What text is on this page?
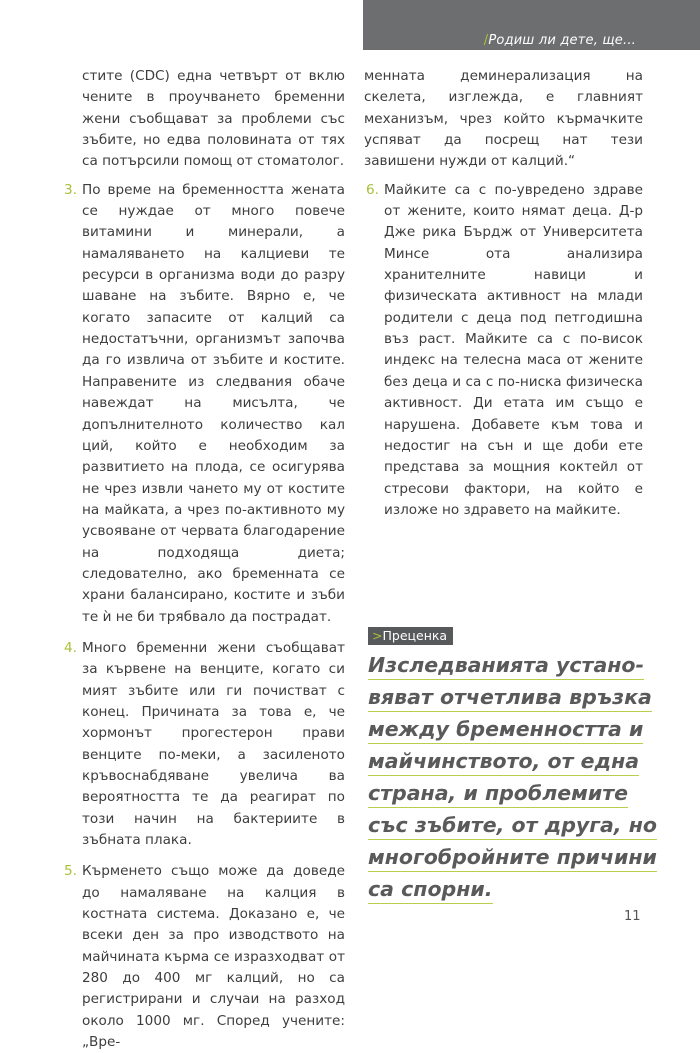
/Родиш ли дете, ще...

стите (CDC) една четвърт от вклю чените в проучването бременни жени съобщават за проблеми със зъбите, но едва половината от тях са потърсили помощ от стоматолог.

3. По време на бременността жената се нуждае от много повече витамини и минерали, а намаляването на калциеви те ресурси в организма води до разру шаване на зъбите. Вярно е, че когато запасите от калций са недостатъчни, организмът започва да го извлича от зъбите и костите. Направените из следвания обаче навеждат на мисълта, че допълнителното количество кал ций, който е необходим за развитието на плода, се осигурява не чрез извли чането му от костите на майката, а чрез по-активното му усвояване от червата благодарение на подходяща диета; следователно, ако бременната се храни балансирано, костите и зъби те ѝ не би трябвало да пострадат.

4. Много бременни жени съобщават за кървене на венците, когато си мият зъбите или ги почистват с конец. Причината за това е, че хормонът прогестерон прави венците по-меки, а засиленото кръвоснабдяване увелича ва вероятността те да реагират по този начин на бактериите в зъбната плака.

5. Кърменето също може да доведе до намаляване на калция в костната система. Доказано е, че всеки ден за про изводството на майчината кърма се изразходват от 280 до 400 мг калций, но са регистрирани и случаи на разход около 1000 мг. Според учените: „Вре-

менната деминерализация на скелета, изглежда, е главният механизъм, чрез който кърмачките успяват да посрещ нат тези завишени нужди от калций.“

6. Майките са с по-увредено здраве от жените, които нямат деца. Д-р Дже рика Бърдж от Университета Минсе	ота анализира хранителните навици и физическата активност на млади родители с деца под петгодишна въз раст. Майките са с по-висок индекс на телесна маса от жените без деца и са с по-ниска физическа активност. Ди етата им също е нарушена. Добавете към това и недостиг на сън и ще доби ете представа за мощния коктейл от стресови фактори, на който е изложе но здравето на майките.

>Преценка
Изследванията устано-
вяват отчетлива връзка
между бременността и
майчинството, от една
страна, и проблемите
със зъбите, от друга, но
многобройните причини
са спорни.
11
